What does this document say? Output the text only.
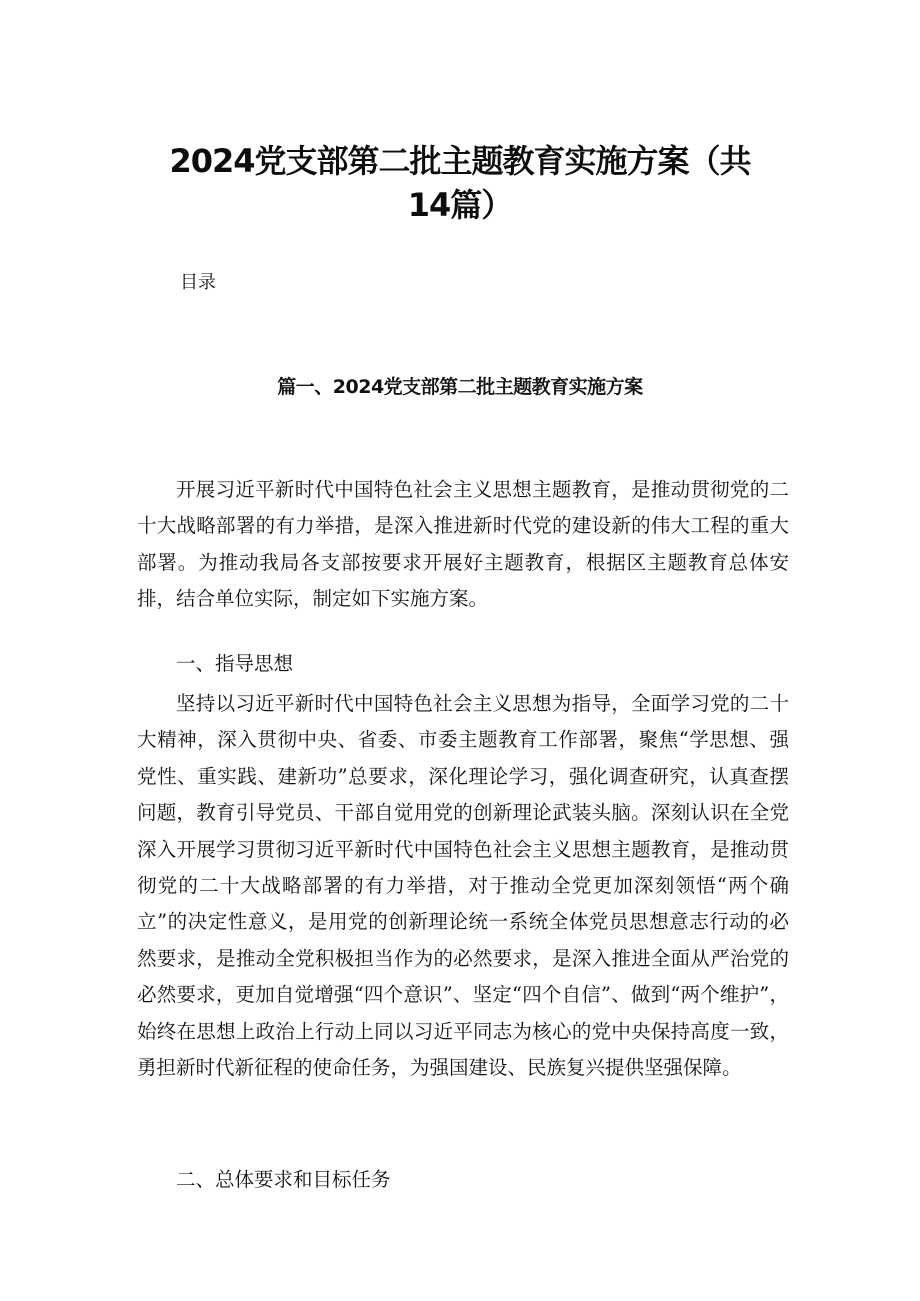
2024党支部第二批主题教育实施方案（共
14篇）
目录
篇一、2024党支部第二批主题教育实施方案
开展习近平新时代中国特色社会主义思想主题教育，是推动贯彻党的二十大战略部署的有力举措，是深入推进新时代党的建设新的伟大工程的重大部署。为推动我局各支部按要求开展好主题教育，根据区主题教育总体安排，结合单位实际，制定如下实施方案。
一、指导思想
坚持以习近平新时代中国特色社会主义思想为指导，全面学习党的二十大精神，深入贯彻中央、省委、市委主题教育工作部署，聚焦“学思想、强党性、重实践、建新功”总要求，深化理论学习，强化调查研究，认真查摆问题，教育引导党员、干部自觉用党的创新理论武装头脑。深刻认识在全党深入开展学习贯彻习近平新时代中国特色社会主义思想主题教育，是推动贯彻党的二十大战略部署的有力举措，对于推动全党更加深刻领悟“两个确立”的决定性意义，是用党的创新理论统一系统全体党员思想意志行动的必然要求，是推动全党积极担当作为的必然要求，是深入推进全面从严治党的必然要求，更加自觉增强“四个意识”、坚定“四个自信”、做到“两个维护”，始终在思想上政治上行动上同以习近平同志为核心的党中央保持高度一致，勇担新时代新征程的使命任务，为强国建设、民族复兴提供坚强保障。
二、总体要求和目标任务
